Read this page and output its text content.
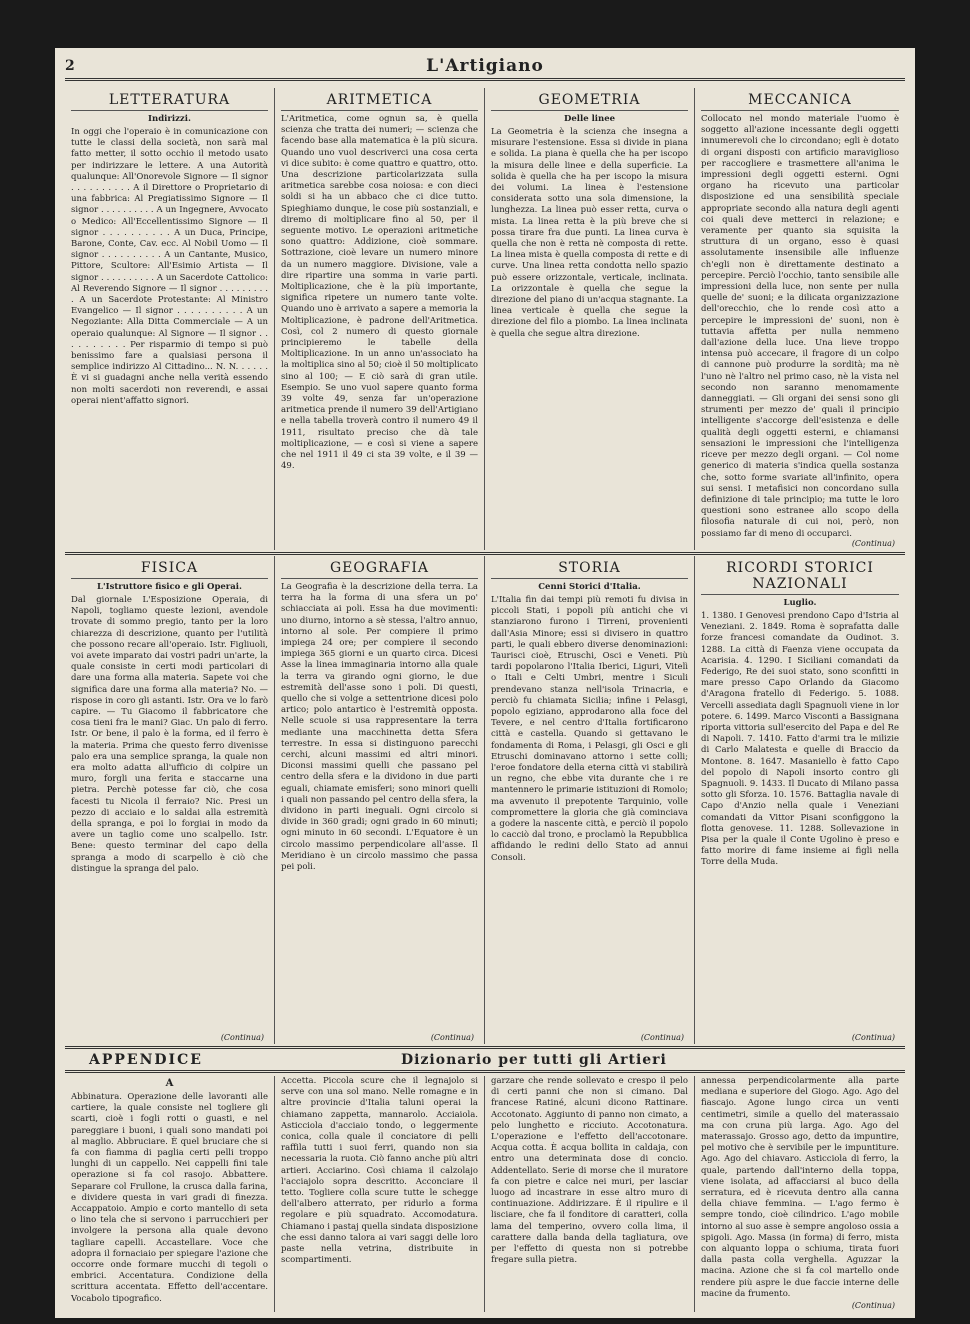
2	L'Artigiano
LETTERATURA
Indirizzi.
In oggi che l'operaio è in comunicazione con tutte le classi della società, non sarà mal fatto metter, il sotto occhio il metodo usato per indirizzare le lettere. A una Autorità qualunque: All'Onorevole Signore — Il signor . . . . . . . . . . A il Direttore o Proprietario di una fabbrica: Al Pregiatissimo Signore — Il signor . . . . . . . . . . A un Ingegnere, Avvocato o Medico: All'Eccellentissimo Signore — Il signor . . . . . . . . . . A un Duca, Principe, Barone, Conte, Cav. ecc. Al Nobil Uomo — Il signor . . . . . . . . . . A un Cantante, Musico, Pittore, Scultore: All'Esimio Artista — Il signor . . . . . . . . . . A un Sacerdote Cattolico: Al Reverendo Signore — Il signor . . . . . . . . . . A un Sacerdote Protestante: Al Ministro Evangelico — Il signor . . . . . . . . . . A un Negoziante: Alla Ditta Commerciale — A un operaio qualunque: Al Signore — Il signor . . . . . . . . . . Per risparmio di tempo si può benissimo fare a qualsiasi persona il semplice indirizzo Al Cittadino... N. N. . . . . . È vi si guadagni anche nella verità essendo non molti sacerdoti non reverendi, e assai operai nient'affatto signori.
ARITMETICA
L'Aritmetica, come ognun sa, è quella scienza che tratta dei numeri; — scienza che facendo base alla matematica è la più sicura. Quando uno vuol descriverci una cosa certa vi dice subito: è come quattro e quattro, otto. Una descrizione particolarizzata sulla aritmetica sarebbe cosa noiosa: e con dieci soldi si ha un abbaco che ci dice tutto. Spieghiamo dunque, le cose più sostanziali, e diremo di moltiplicare fino al 50, per il seguente motivo. Le operazioni aritmetiche sono quattro: Addizione, cioè sommare. Sottrazione, cioè levare un numero minore da un numero maggiore. Divisione, vale a dire ripartire una somma in varie parti. Moltiplicazione, che è la più importante, significa ripetere un numero tante volte. Quando uno è arrivato a sapere a memoria la Moltiplicazione, è padrone dell'Aritmetica. Così, col 2 numero di questo giornale principieremo le tabelle della Moltiplicazione. In un anno un'associato ha la moltiplica sino al 50; cioè il 50 moltiplicato sino al 100; — E ciò sarà di gran utile. Esempio. Se uno vuol sapere quanto forma 39 volte 49, senza far un'operazione aritmetica prende il numero 39 dell'Artigiano e nella tabella troverà contro il numero 49 il 1911, risultato preciso che dà tale moltiplicazione, — e così si viene a sapere che nel 1911 il 49 ci sta 39 volte, e il 39 — 49.
GEOMETRIA
Delle linee
La Geometria è la scienza che insegna a misurare l'estensione. Essa si divide in piana e solida. La piana è quella che ha per iscopo la misura delle linee e della superficie. La solida è quella che ha per iscopo la misura dei volumi. La linea è l'estensione considerata sotto una sola dimensione, la lunghezza. La linea può esser retta, curva o mista. La linea retta è la più breve che si possa tirare fra due punti. La linea curva è quella che non è retta nè composta di rette. La linea mista è quella composta di rette e di curve. Una linea retta condotta nello spazio può essere orizzontale, verticale, inclinata. La orizzontale è quella che segue la direzione del piano di un'acqua stagnante. La linea verticale è quella che segue la direzione del filo a piombo. La linea inclinata è quella che segue altra direzione.
MECCANICA
Collocato nel mondo materiale l'uomo è soggetto all'azione incessante degli oggetti innumerevoli che lo circondano; egli è dotato di organi disposti con artificio maraviglioso per raccogliere e trasmettere all'anima le impressioni degli oggetti esterni. Ogni organo ha ricevuto una particolar disposizione ed una sensibilità speciale appropriate secondo alla natura degli agenti coi quali deve metterci in relazione; e veramente per quanto sia squisita la struttura di un organo, esso è quasi assolutamente insensibile alle influenze ch'egli non è direttamente destinato a percepire. Perciò l'occhio, tanto sensibile alle impressioni della luce, non sente per nulla quelle de' suoni; e la dilicata organizzazione dell'orecchio, che lo rende così atto a percepire le impressioni de' suoni, non è tuttavia affetta per nulla nemmeno dall'azione della luce. Una lieve troppo intensa può accecare, il fragore di un colpo di cannone può produrre la sordità; ma nè l'uno nè l'altro nel primo caso, nè la vista nel secondo non saranno menomamente danneggiati. — Gli organi dei sensi sono gli strumenti per mezzo de' quali il principio intelligente s'accorge dell'esistenza e delle qualità degli oggetti esterni, e chiamansi sensazioni le impressioni che l'intelligenza riceve per mezzo degli organi. — Col nome generico di materia s'indica quella sostanza che, sotto forme svariate all'infinito, opera sui sensi. I metafisici non concordano sulla definizione di tale principio; ma tutte le loro questioni sono estranee allo scopo della filosofia naturale di cui noi, però, non possiamo far di meno di occuparci.
(Continua)
FISICA
L'Istruttore fisico e gli Operai.
Dal giornale L'Esposizione Operaia, di Napoli, togliamo queste lezioni, avendole trovate di sommo pregio, tanto per la loro chiarezza di descrizione, quanto per l'utilità che possono recare all'operaio. Istr. Figliuoli, voi avete imparato dai vostri padri un'arte, la quale consiste in certi modi particolari di dare una forma alla materia. Sapete voi che significa dare una forma alla materia? No. — rispose in coro gli astanti. Istr. Ora ve lo farò capire. — Tu Giacomo il fabbricatore che cosa tieni fra le mani? Giac. Un palo di ferro. Istr. Or bene, il palo è la forma, ed il ferro è la materia. Prima che questo ferro divenisse palo era una semplice spranga, la quale non era molto adatta all'ufficio di colpire un muro, forgli una ferita e staccarne una pietra. Perchè potesse far ciò, che cosa facesti tu Nicola il ferraio? Nic. Presi un pezzo di acciaio e lo saldai alla estremità della spranga, e poi lo forgiai in modo da avere un taglio come uno scalpello. Istr. Bene: questo terminar del capo della spranga a modo di scarpello è ciò che distingue la spranga del palo.
(Continua)
GEOGRAFIA
La Geografia è la descrizione della terra. La terra ha la forma di una sfera un po' schiacciata ai poli. Essa ha due movimenti: uno diurno, intorno a sè stessa, l'altro annuo, intorno al sole. Per compiere il primo impiega 24 ore; per compiere il secondo impiega 365 giorni e un quarto circa. Dicesi Asse la linea immaginaria intorno alla quale la terra va girando ogni giorno, le due estremità dell'asse sono i poli. Di questi, quello che si volge a settentrione dicesi polo artico; polo antartico è l'estremità opposta. Nelle scuole si usa rappresentare la terra mediante una macchinetta detta Sfera terrestre. In essa si distinguono parecchi cerchi, alcuni massimi ed altri minori. Diconsi massimi quelli che passano pel centro della sfera e la dividono in due parti eguali, chiamate emisferi; sono minori quelli i quali non passando pel centro della sfera, la dividono in parti ineguali. Ogni circolo si divide in 360 gradi; ogni grado in 60 minuti; ogni minuto in 60 secondi. L'Equatore è un circolo massimo perpendicolare all'asse. Il Meridiano è un circolo massimo che passa pei poli.
(Continua)
STORIA
Cenni Storici d'Italia.
L'Italia fin dai tempi più remoti fu divisa in piccoli Stati, i popoli più antichi che vi stanziarono furono i Tirreni, provenienti dall'Asia Minore; essi si divisero in quattro parti, le quali ebbero diverse denominazioni: Taurisci cioè, Etruschi, Osci e Veneti. Più tardi popolarono l'Italia Iberici, Liguri, Vitelì o Itali e Celti Umbri, mentre i Siculi prendevano stanza nell'isola Trinacria, e perciò fu chiamata Sicilia; infine i Pelasgi, popolo egiziano, approdarono alla foce del Tevere, e nel centro d'Italia fortificarono città e castella. Quando si gettavano le fondamenta di Roma, i Pelasgi, gli Osci e gli Etruschi dominavano attorno i sette colli; l'eroe fondatore della eterna città vi stabilirà un regno, che ebbe vita durante che i re mantennero le primarie istituzioni di Romolo; ma avvenuto il prepotente Tarquinio, volle compromettere la gloria che già cominciava a godere la nascente città, e perciò il popolo lo cacciò dal trono, e proclamò la Repubblica affidando le redini dello Stato ad annui Consoli.
(Continua)
RICORDI STORICI NAZIONALI
Luglio.
1. 1380. I Genovesi prendono Capo d'Istria al Veneziani. 2. 1849. Roma è soprafatta dalle forze francesi comandate da Oudinot. 3. 1288. La città di Faenza viene occupata da Acarisia. 4. 1290. I Siciliani comandati da Federigo, Re dei suoi stato, sono sconfitti in mare presso Capo Orlando da Giacomo d'Aragona fratello di Federigo. 5. 1088. Vercelli assediata dagli Spagnuoli viene in lor potere. 6. 1499. Marco Visconti a Bassignana riporta vittoria sull'esercito del Papa e del Re di Napoli. 7. 1410. Fatto d'armi tra le milizie di Carlo Malatesta e quelle di Braccio da Montone. 8. 1647. Masaniello è fatto Capo del popolo di Napoli insorto contro gli Spagnuoli. 9. 1433. Il Ducato di Milano passa sotto gli Sforza. 10. 1576. Battaglia navale di Capo d'Anzio nella quale i Veneziani comandati da Vittor Pisani sconfiggono la flotta genovese. 11. 1288. Sollevazione in Pisa per la quale il Conte Ugolino è preso e fatto morire di fame insieme ai figli nella Torre della Muda.
(Continua)
APPENDICE	Dizionario per tutti gli Artieri
A
Abbinatura. Operazione delle lavoranti alle cartiere, la quale consiste nel togliere gli scarti, cioè i fogli rotti o guasti, e nel pareggiare i buoni, i quali sono mandati poi al maglio. Abbruciare. È quel bruciare che si fa con fiamma di paglia certi pelli troppo lunghi di un cappello. Nei cappelli fini tale operazione si fa col rasojo. Abbattere. Separare col Frullone, la crusca dalla farina, e dividere questa in vari gradi di finezza. Accappatoio. Ampio e corto mantello di seta o lino tela che si servono i parrucchieri per involgere la persona alla quale devono tagliare capelli. Accastellare. Voce che adopra il fornaciaio per spiegare l'azione che occorre onde formare mucchi di tegoli o embrici. Accentatura. Condizione della scrittura accentata. Effetto dell'accentare. Vocabolo tipografico.
Accetta. Piccola scure che il legnajolo si serve con una sol mano. Nelle romagne e in altre provincie d'Italia taluni operai la chiamano zappetta, mannarolo. Acciaiola. Asticciola d'acciaio tondo, o leggermente conica, colla quale il conciatore di pelli raffila tutti i suoi ferri, quando non sia necessaria la ruota. Ciò fanno anche più altri artieri. Acciarino. Così chiama il calzolajo l'acciajolo sopra descritto. Acconciare il tetto. Togliere colla scure tutte le schegge dell'albero atterrato, per ridurlo a forma regolare e più squadrato. Accomodatura. Chiamano i pastaj quella sindata disposizione che essi danno talora ai vari saggi delle loro paste nella vetrina, distribuite in scompartimenti.
garzare che rende sollevato e crespo il pelo di certi panni che non si cimano. Dal francese Ratiné, alcuni dicono Rattinare. Accotonato. Aggiunto di panno non cimato, a pelo lunghetto e ricciuto. Accotonatura. L'operazione e l'effetto dell'accotonare. Acqua cotta. È acqua bollita in caldaja, con entro una determinata dose di concio. Addentellato. Serie di morse che il muratore fa con pietre e calce nei muri, per lasciar luogo ad incastrare in esse altro muro di continuazione. Addirizzare. È il ripulire e il lisciare, che fa il fonditore di caratteri, colla lama del temperino, ovvero colla lima, il carattere dalla banda della tagliatura, ove per l'effetto di questa non si potrebbe fregare sulla pietra.
annessa perpendicolarmente alla parte mediana e superiore del Giogo. Ago. Ago del fiascajo. Agone lungo circa un venti centimetri, simile a quello del materassaio ma con cruna più larga. Ago. Ago del materassajo. Grosso ago, detto da impuntire, pel motivo che è servibile per le impuntiture. Ago. Ago del chiavaro. Asticciola di ferro, la quale, partendo dall'interno della toppa, viene isolata, ad affacciarsi al buco della serratura, ed è ricevuta dentro alla canna della chiave femmina. — L'ago fermo è sempre tondo, cioè cilindrico. L'ago mobile intorno al suo asse è sempre angoloso ossia a spigoli. Ago. Massa (in forma) di ferro, mista con alquanto loppa o schiuma, tirata fuori dalla pasta colla verghella. Aguzzar la macina. Azione che si fa col martello onde rendere più aspre le due faccie interne delle macine da frumento.
(Continua)
